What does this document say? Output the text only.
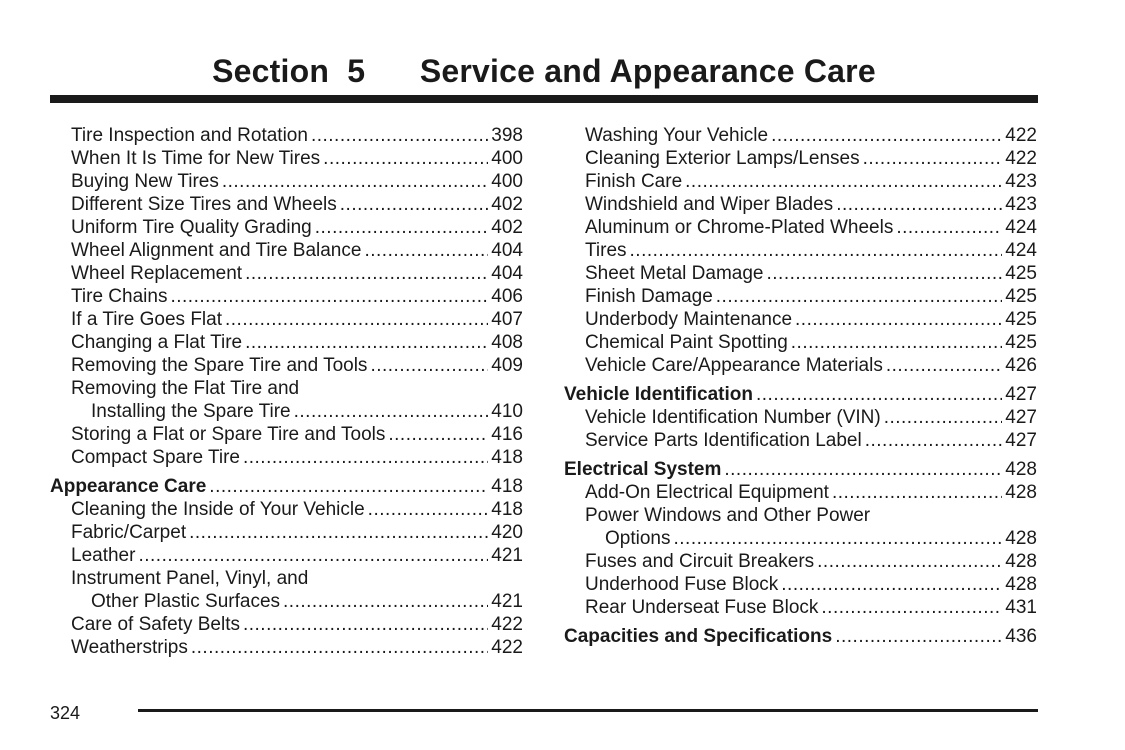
Section  5      Service and Appearance Care
Tire Inspection and Rotation .....	398
When It Is Time for New Tires .....	400
Buying New Tires .....	400
Different Size Tires and Wheels .....	402
Uniform Tire Quality Grading .....	402
Wheel Alignment and Tire Balance .....	404
Wheel Replacement .....	404
Tire Chains .....	406
If a Tire Goes Flat .....	407
Changing a Flat Tire .....	408
Removing the Spare Tire and Tools .....	409
Removing the Flat Tire and
Installing the Spare Tire .....	410
Storing a Flat or Spare Tire and Tools .....	416
Compact Spare Tire .....	418
Appearance Care .....	418
Cleaning the Inside of Your Vehicle .....	418
Fabric/Carpet .....	420
Leather .....	421
Instrument Panel, Vinyl, and
Other Plastic Surfaces .....	421
Care of Safety Belts .....	422
Weatherstrips .....	422
Washing Your Vehicle .....	422
Cleaning Exterior Lamps/Lenses .....	422
Finish Care .....	423
Windshield and Wiper Blades .....	423
Aluminum or Chrome-Plated Wheels .....	424
Tires .....	424
Sheet Metal Damage .....	425
Finish Damage .....	425
Underbody Maintenance .....	425
Chemical Paint Spotting .....	425
Vehicle Care/Appearance Materials .....	426
Vehicle Identification .....	427
Vehicle Identification Number (VIN) .....	427
Service Parts Identification Label .....	427
Electrical System .....	428
Add-On Electrical Equipment .....	428
Power Windows and Other Power
Options .....	428
Fuses and Circuit Breakers .....	428
Underhood Fuse Block .....	428
Rear Underseat Fuse Block .....	431
Capacities and Specifications .....	436
324
